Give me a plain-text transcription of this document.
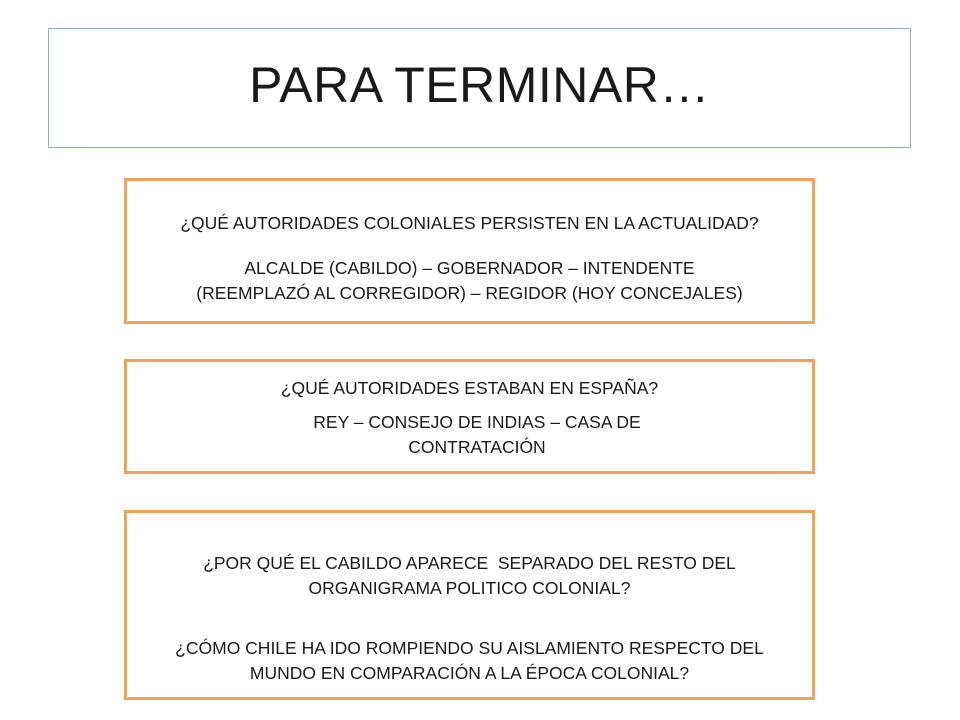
PARA TERMINAR…
¿QUÉ AUTORIDADES COLONIALES PERSISTEN EN LA ACTUALIDAD?
ALCALDE (CABILDO) – GOBERNADOR – INTENDENTE
(REEMPLAZÓ AL CORREGIDOR) – REGIDOR (HOY CONCEJALES)
¿QUÉ AUTORIDADES ESTABAN EN ESPAÑA?
REY – CONSEJO DE INDIAS – CASA DE
CONTRATACIÓN
¿POR QUÉ EL CABILDO APARECE  SEPARADO DEL RESTO DEL
ORGANIGRAMA POLITICO COLONIAL?
¿CÓMO CHILE HA IDO ROMPIENDO SU AISLAMIENTO RESPECTO DEL
MUNDO EN COMPARACIÓN A LA ÉPOCA COLONIAL?
